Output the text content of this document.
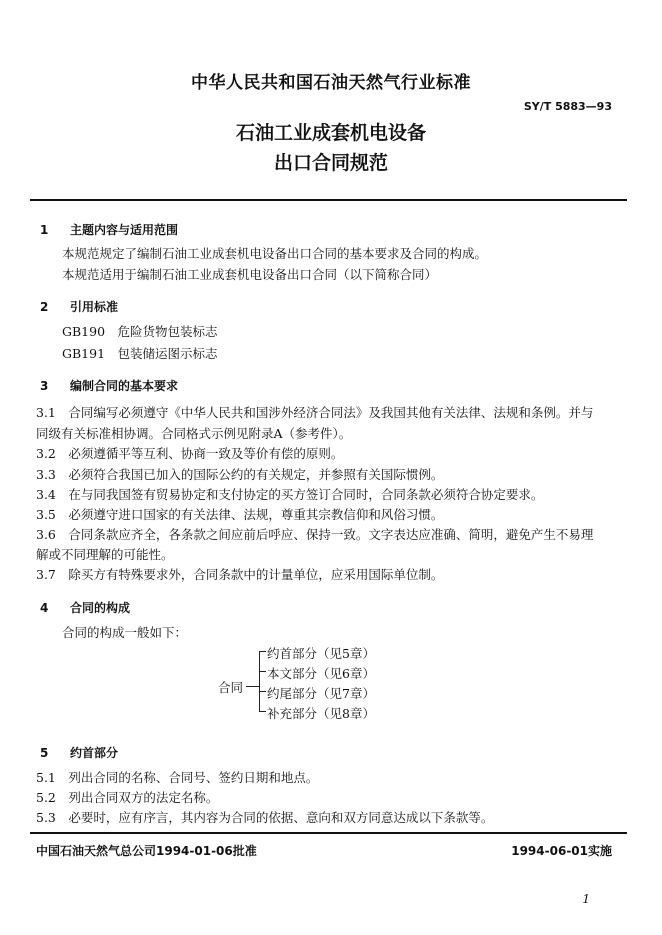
中华人民共和国石油天然气行业标准
SY/T 5883—93
石油工业成套机电设备
出口合同规范
1 主题内容与适用范围
本规范规定了编制石油工业成套机电设备出口合同的基本要求及合同的构成。
本规范适用于编制石油工业成套机电设备出口合同（以下简称合同）
2 引用标准
GB190　危险货物包装标志
GB191　包装储运图示标志
3 编制合同的基本要求
3.1　合同编写必须遵守《中华人民共和国涉外经济合同法》及我国其他有关法律、法规和条例。并与
同级有关标准相协调。合同格式示例见附录A（参考件）。
3.2　必须遵循平等互利、协商一致及等价有偿的原则。
3.3　必须符合我国已加入的国际公约的有关规定，并参照有关国际惯例。
3.4　在与同我国签有贸易协定和支付协定的买方签订合同时，合同条款必须符合协定要求。
3.5　必须遵守进口国家的有关法律、法规，尊重其宗教信仰和风俗习惯。
3.6　合同条款应齐全，各条款之间应前后呼应、保持一致。文字表达应准确、简明，避免产生不易理
解或不同理解的可能性。
3.7　除买方有特殊要求外，合同条款中的计量单位，应采用国际单位制。
4 合同的构成
合同的构成一般如下：
合同
约首部分（见5章）
本文部分（见6章）
约尾部分（见7章）
补充部分（见8章）
5 约首部分
5.1　列出合同的名称、合同号、签约日期和地点。
5.2　列出合同双方的法定名称。
5.3　必要时，应有序言，其内容为合同的依据、意向和双方同意达成以下条款等。
中国石油天然气总公司1994-01-06批准	1994-06-01实施
1
